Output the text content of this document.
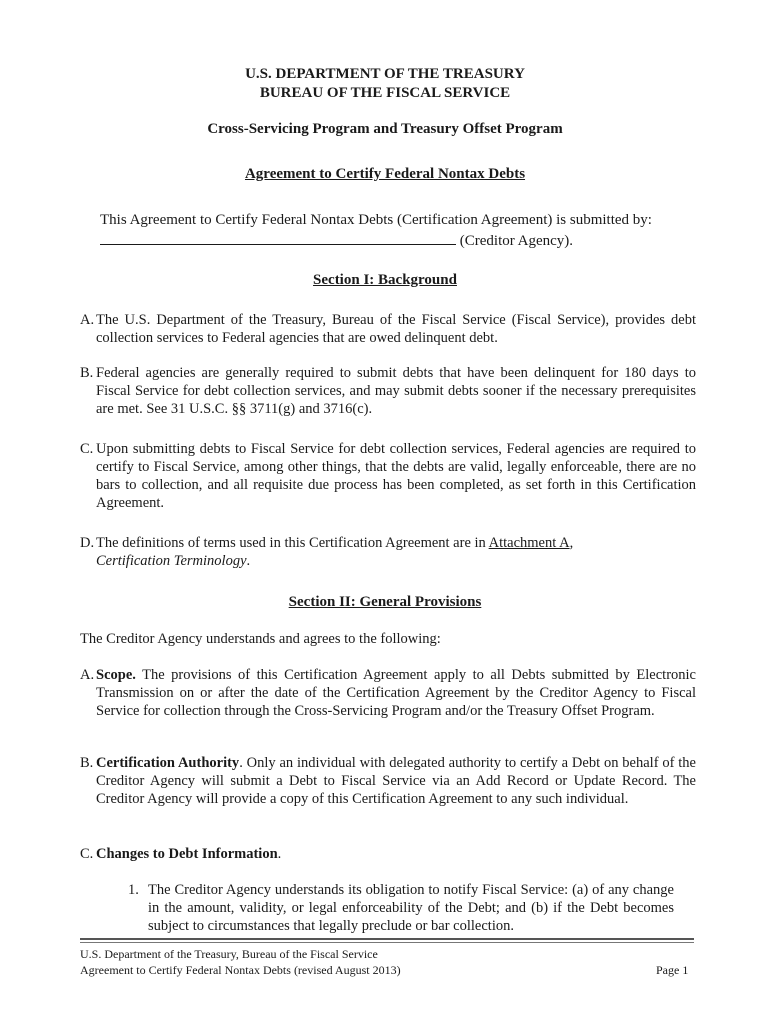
U.S. DEPARTMENT OF THE TREASURY
BUREAU OF THE FISCAL SERVICE
Cross-Servicing Program and Treasury Offset Program
Agreement to Certify Federal Nontax Debts
This Agreement to Certify Federal Nontax Debts (Certification Agreement) is submitted by:
(Creditor Agency).
Section I: Background
A. The U.S. Department of the Treasury, Bureau of the Fiscal Service (Fiscal Service), provides debt collection services to Federal agencies that are owed delinquent debt.
B. Federal agencies are generally required to submit debts that have been delinquent for 180 days to Fiscal Service for debt collection services, and may submit debts sooner if the necessary prerequisites are met. See 31 U.S.C. §§ 3711(g) and 3716(c).
C. Upon submitting debts to Fiscal Service for debt collection services, Federal agencies are required to certify to Fiscal Service, among other things, that the debts are valid, legally enforceable, there are no bars to collection, and all requisite due process has been completed, as set forth in this Certification Agreement.
D. The definitions of terms used in this Certification Agreement are in Attachment A,
Certification Terminology.
Section II: General Provisions
The Creditor Agency understands and agrees to the following:
A. Scope. The provisions of this Certification Agreement apply to all Debts submitted by Electronic Transmission on or after the date of the Certification Agreement by the Creditor Agency to Fiscal Service for collection through the Cross-Servicing Program and/or the Treasury Offset Program.
B. Certification Authority. Only an individual with delegated authority to certify a Debt on behalf of the Creditor Agency will submit a Debt to Fiscal Service via an Add Record or Update Record. The Creditor Agency will provide a copy of this Certification Agreement to any such individual.
C. Changes to Debt Information.
1. The Creditor Agency understands its obligation to notify Fiscal Service: (a) of any change in the amount, validity, or legal enforceability of the Debt; and (b) if the Debt becomes subject to circumstances that legally preclude or bar collection.
U.S. Department of the Treasury, Bureau of the Fiscal Service
Agreement to Certify Federal Nontax Debts (revised August 2013)	Page 1
